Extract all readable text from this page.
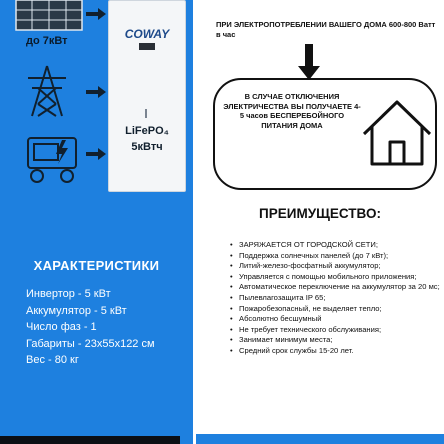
до 7кВт	COWAY
LiFePO₄
5кВтч
ХАРАКТЕРИСТИКИ
Инвертор - 5 кВт
Аккумулятор - 5 кВт
Число фаз - 1
Габариты - 23х55х122 см
Вес - 80 кг
ПРИ ЭЛЕКТРОПОТРЕБЛЕНИИ ВАШЕГО ДОМА 600-800 Ватт в час
В СЛУЧАЕ ОТКЛЮЧЕНИЯ ЭЛЕКТРИЧЕСТВА ВЫ ПОЛУЧАЕТЕ 4-5 часов БЕСПЕРЕБОЙНОГО ПИТАНИЯ ДОМА
ПРЕИМУЩЕСТВО:
• ЗАРЯЖАЕТСЯ ОТ ГОРОДСКОЙ СЕТИ;
• Поддержка солнечных панелей (до 7 кВт);
• Литий-железо-фосфатный аккумулятор;
• Управляется с помощью мобильного приложения;
• Автоматическое переключение на аккумулятор за 20 мс;
• Пылевлагозащита IP 65;
• Пожаробезопасный, не выделяет тепло;
• Абсолютно бесшумный
• Не требует технического обслуживания;
• Занимает минимум места;
• Средний срок службы 15-20 лет.
